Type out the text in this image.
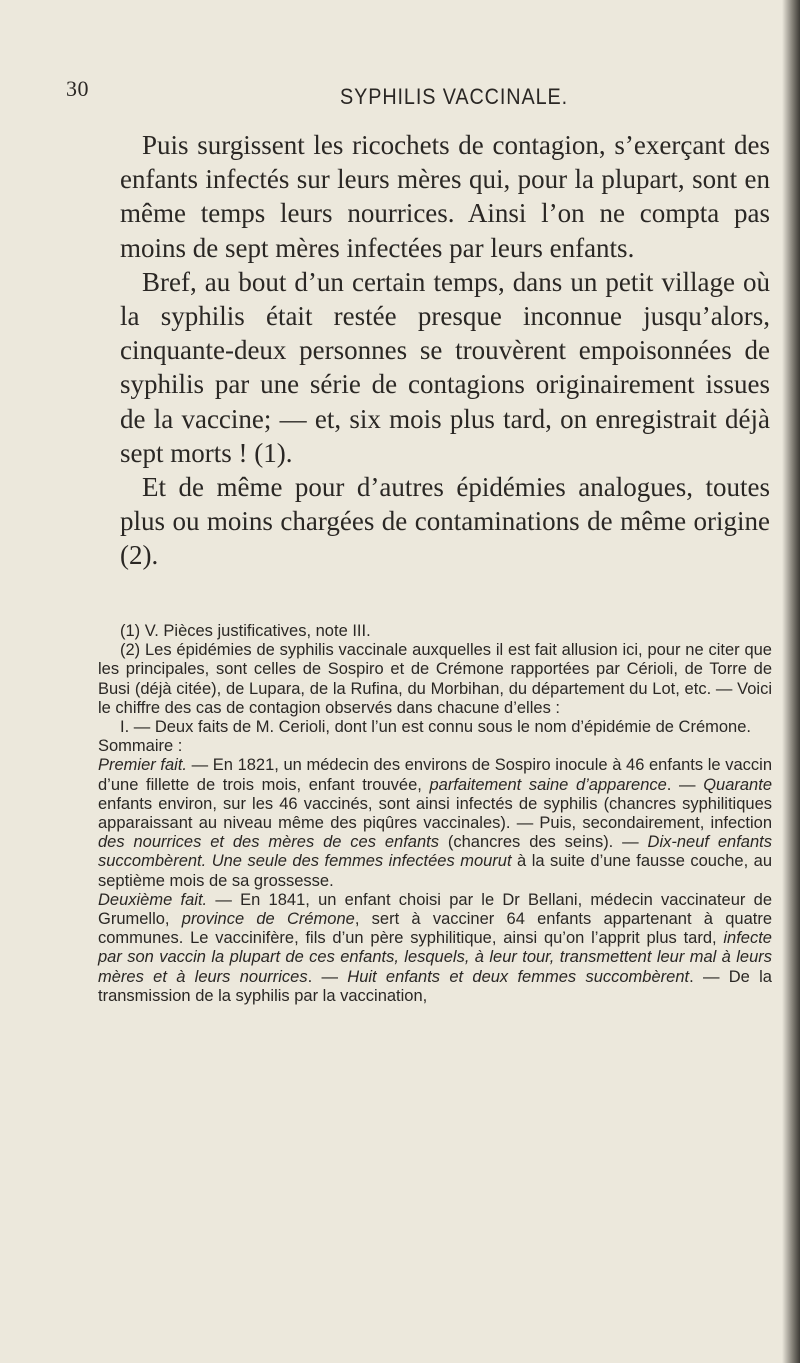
30	SYPHILIS VACCINALE.

Puis surgissent les ricochets de contagion, s’exerçant des enfants infectés sur leurs mères qui, pour la plupart, sont en même temps leurs nourrices. Ainsi l’on ne compta pas moins de sept mères infectées par leurs enfants.

Bref, au bout d’un certain temps, dans un petit village où la syphilis était restée presque inconnue jusqu’alors, cinquante-deux personnes se trouvèrent empoisonnées de syphilis par une série de contagions originairement issues de la vaccine; — et, six mois plus tard, on enregistrait déjà sept morts ! (1).

Et de même pour d’autres épidémies analogues, toutes plus ou moins chargées de contaminations de même origine (2).

(1) V. Pièces justificatives, note III.

(2) Les épidémies de syphilis vaccinale auxquelles il est fait allusion ici, pour ne citer que les principales, sont celles de Sospiro et de Crémone rapportées par Cérioli, de Torre de Busi (déjà citée), de Lupara, de la Rufina, du Morbihan, du département du Lot, etc. — Voici le chiffre des cas de contagion observés dans chacune d’elles :

I. — Deux faits de M. Cerioli, dont l’un est connu sous le nom d’épidémie de Crémone.

Sommaire :

Premier fait. — En 1821, un médecin des environs de Sospiro inocule à 46 enfants le vaccin d’une fillette de trois mois, enfant trouvée, parfaitement saine d’apparence. — Quarante enfants environ, sur les 46 vaccinés, sont ainsi infectés de syphilis (chancres syphilitiques apparaissant au niveau même des piqûres vaccinales). — Puis, secondairement, infection des nourrices et des mères de ces enfants (chancres des seins). — Dix-neuf enfants succombèrent. Une seule des femmes infectées mourut à la suite d’une fausse couche, au septième mois de sa grossesse.

Deuxième fait. — En 1841, un enfant choisi par le Dr Bellani, médecin vaccinateur de Grumello, province de Crémone, sert à vacciner 64 enfants appartenant à quatre communes. Le vaccinifère, fils d’un père syphilitique, ainsi qu’on l’apprit plus tard, infecte par son vaccin la plupart de ces enfants, lesquels, à leur tour, transmettent leur mal à leurs mères et à leurs nourrices. — Huit enfants et deux femmes succombèrent. — De la transmission de la syphilis par la vaccination,
